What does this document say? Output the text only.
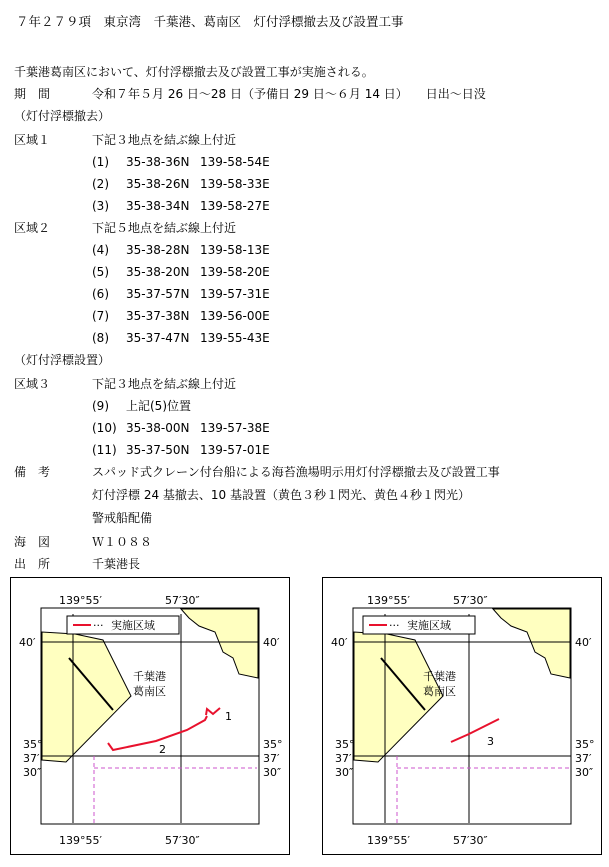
７年２７９項　東京湾　千葉港、葛南区　灯付浮標撤去及び設置工事
千葉港葛南区において、灯付浮標撤去及び設置工事が実施される。
期　間	令和７年５月 26 日～28 日（予備日 29 日～６月 14 日）　　日出～日没
（灯付浮標撤去）
区域１	下記３地点を結ぶ線上付近
(1) 35-38-36N 139-58-54E
(2) 35-38-26N 139-58-33E
(3) 35-38-34N 139-58-27E
区域２	下記５地点を結ぶ線上付近
(4) 35-38-28N 139-58-13E
(5) 35-38-20N 139-58-20E
(6) 35-37-57N 139-57-31E
(7) 35-37-38N 139-56-00E
(8) 35-37-47N 139-55-43E
（灯付浮標設置）
区域３	下記３地点を結ぶ線上付近
(9) 上記(5)位置
(10) 35-38-00N 139-57-38E
(11) 35-37-50N 139-57-01E
備　考	スパッド式クレーン付台船による海苔漁場明示用灯付浮標撤去及び設置工事
灯付浮標 24 基撤去、10 基設置（黄色３秒１閃光、黄色４秒１閃光）
警戒船配備
海　図	Ｗ１０８８
出　所	千葉港長
··· 実施区域
139°55′	57′30″
139°55′	57′30″
40′	40′
35°
37′
30″
35°
37′
30″
千葉港
葛南区
1
2
··· 実施区域
139°55′	57′30″
139°55′	57′30″
40′	40′
35°
37′
30″
35°
37′
30″
千葉港
葛南区
3
